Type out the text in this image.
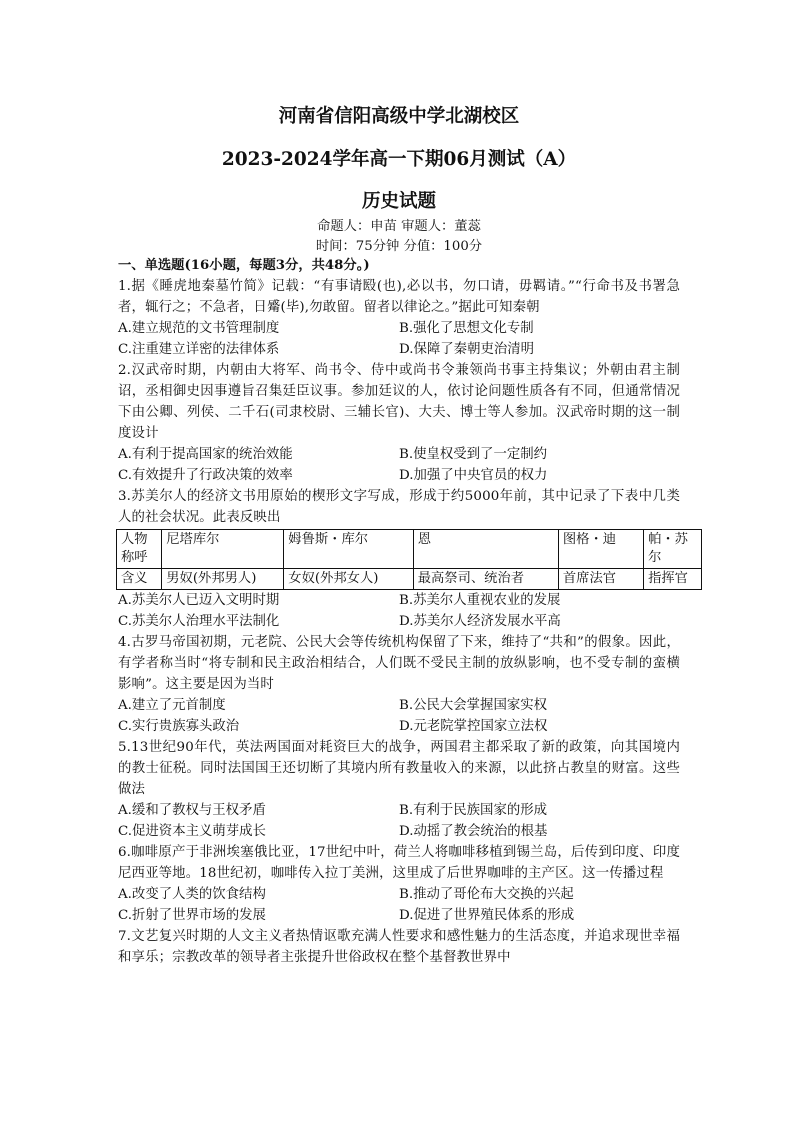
河南省信阳高级中学北湖校区
2023-2024学年高一下期06月测试（A）
历史试题
命题人：申苗 审题人：董蕊
时间：75分钟 分值：100分
一、单选题(16小题，每题3分，共48分。)
1.据《睡虎地秦墓竹简》记载：“有事请殹(也),必以书，勿口请，毋羁请。”“行命书及书署急者，辄行之；不急者，日觱(毕),勿敢留。留者以律论之。”据此可知秦朝
A.建立规范的文书管理制度	B.强化了思想文化专制
C.注重建立详密的法律体系	D.保障了秦朝吏治清明
2.汉武帝时期，内朝由大将军、尚书令、侍中或尚书令兼领尚书事主持集议；外朝由君主制诏，丞相御史因事遵旨召集廷臣议事。参加廷议的人，依讨论问题性质各有不同，但通常情况下由公卿、列侯、二千石(司隶校尉、三辅长官)、大夫、博士等人参加。汉武帝时期的这一制度设计
A.有利于提高国家的统治效能	B.使皇权受到了一定制约
C.有效提升了行政决策的效率	D.加强了中央官员的权力
3.苏美尔人的经济文书用原始的楔形文字写成，形成于约5000年前，其中记录了下表中几类人的社会状况。此表反映出
人物称呼	尼塔库尔	姆鲁斯・库尔	恩	图格・迪	帕・苏尔
含义	男奴(外邦男人)	女奴(外邦女人)	最高祭司、统治者	首席法官	指挥官
A.苏美尔人已迈入文明时期	B.苏美尔人重视农业的发展
C.苏美尔人治理水平法制化	D.苏美尔人经济发展水平高
4.古罗马帝国初期，元老院、公民大会等传统机构保留了下来，维持了“共和”的假象。因此，有学者称当时“将专制和民主政治相结合，人们既不受民主制的放纵影响，也不受专制的蛮横影响”。这主要是因为当时
A.建立了元首制度	B.公民大会掌握国家实权
C.实行贵族寡头政治	D.元老院掌控国家立法权
5.13世纪90年代，英法两国面对耗资巨大的战争，两国君主都采取了新的政策，向其国境内的教士征税。同时法国国王还切断了其境内所有教量收入的来源，以此挤占教皇的财富。这些做法
A.缓和了教权与王权矛盾	B.有利于民族国家的形成
C.促进资本主义萌芽成长	D.动摇了教会统治的根基
6.咖啡原产于非洲埃塞俄比亚，17世纪中叶，荷兰人将咖啡移植到锡兰岛，后传到印度、印度尼西亚等地。18世纪初，咖啡传入拉丁美洲，这里成了后世界咖啡的主产区。这一传播过程
A.改变了人类的饮食结构	B.推动了哥伦布大交换的兴起
C.折射了世界市场的发展	D.促进了世界殖民体系的形成
7.文艺复兴时期的人文主义者热情讴歌充满人性要求和感性魅力的生活态度，并追求现世幸福和享乐；宗教改革的领导者主张提升世俗政权在整个基督教世界中
